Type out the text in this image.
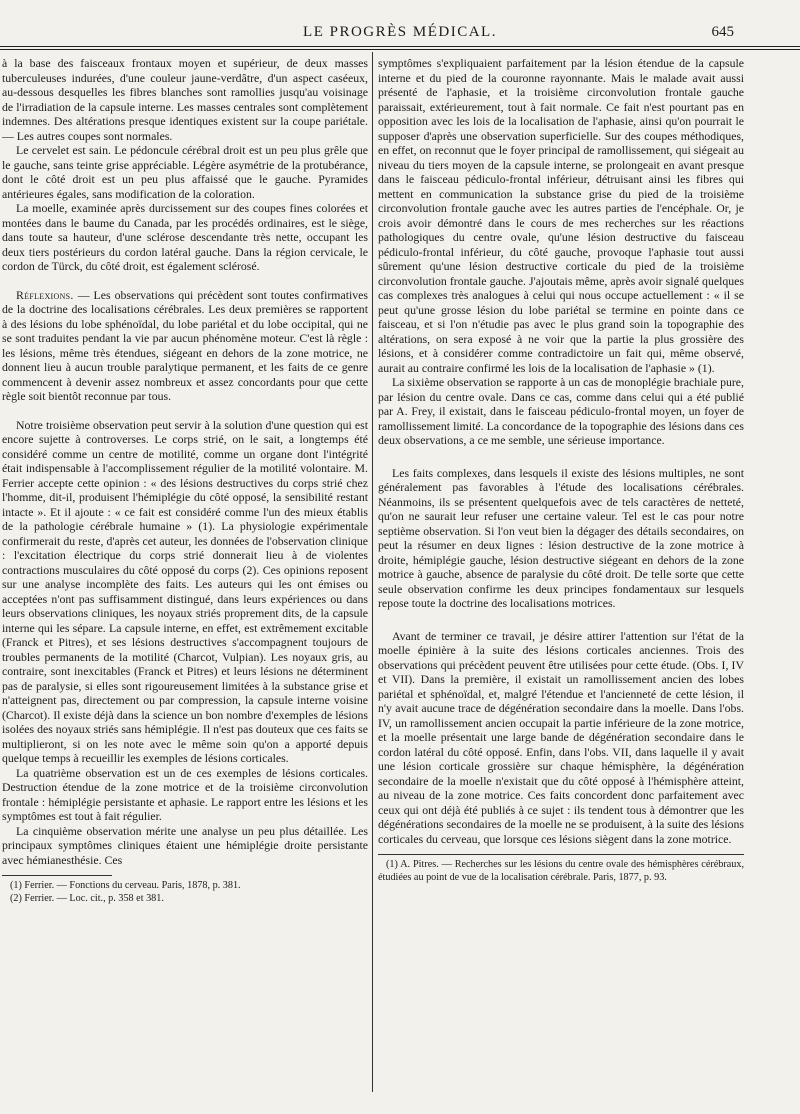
LE PROGRÈS MÉDICAL.	645

à la base des faisceaux frontaux moyen et supérieur, de deux masses tuberculeuses indurées, d'une couleur jaune-verdâtre, d'un aspect caséeux, au-dessous desquelles les fibres blanches sont ramollies jusqu'au voisinage de l'irradiation de la capsule interne. Les masses centrales sont complètement indemnes. Des altérations presque identiques existent sur la coupe pariétale. — Les autres coupes sont normales.

Le cervelet est sain. Le pédoncule cérébral droit est un peu plus grêle que le gauche, sans teinte grise appréciable. Légère asymétrie de la protubérance, dont le côté droit est un peu plus affaissé que le gauche. Pyramides antérieures égales, sans modification de la coloration.

La moelle, examinée après durcissement sur des coupes fines colorées et montées dans le baume du Canada, par les procédés ordinaires, est le siège, dans toute sa hauteur, d'une sclérose descendante très nette, occupant les deux tiers postérieurs du cordon latéral gauche. Dans la région cervicale, le cordon de Türck, du côté droit, est également sclérosé.

Réflexions. — Les observations qui précèdent sont toutes confirmatives de la doctrine des localisations cérébrales. Les deux premières se rapportent à des lésions du lobe sphénoïdal, du lobe pariétal et du lobe occipital, qui ne se sont traduites pendant la vie par aucun phénomène moteur. C'est là règle : les lésions, même très étendues, siégeant en dehors de la zone motrice, ne donnent lieu à aucun trouble paralytique permanent, et les faits de ce genre commencent à devenir assez nombreux et assez concordants pour que cette règle soit bientôt reconnue par tous.

Notre troisième observation peut servir à la solution d'une question qui est encore sujette à controverses. Le corps strié, on le sait, a longtemps été considéré comme un centre de motilité, comme un organe dont l'intégrité était indispensable à l'accomplissement régulier de la motilité volontaire. M. Ferrier accepte cette opinion : « des lésions destructives du corps strié chez l'homme, dit-il, produisent l'hémiplégie du côté opposé, la sensibilité restant intacte ». Et il ajoute : « ce fait est considéré comme l'un des mieux établis de la pathologie cérébrale humaine » (1). La physiologie expérimentale confirmerait du reste, d'après cet auteur, les données de l'observation clinique : l'excitation électrique du corps strié donnerait lieu à de violentes contractions musculaires du côté opposé du corps (2). Ces opinions reposent sur une analyse incomplète des faits. Les auteurs qui les ont émises ou acceptées n'ont pas suffisamment distingué, dans leurs expériences ou dans leurs observations cliniques, les noyaux striés proprement dits, de la capsule interne qui les sépare. La capsule interne, en effet, est extrêmement excitable (Franck et Pitres), et ses lésions destructives s'accompagnent toujours de troubles permanents de la motilité (Charcot, Vulpian). Les noyaux gris, au contraire, sont inexcitables (Franck et Pitres) et leurs lésions ne déterminent pas de paralysie, si elles sont rigoureusement limitées à la substance grise et n'atteignent pas, directement ou par compression, la capsule interne voisine (Charcot). Il existe déjà dans la science un bon nombre d'exemples de lésions isolées des noyaux striés sans hémiplégie. Il n'est pas douteux que ces faits se multiplieront, si on les note avec le même soin qu'on a apporté depuis quelque temps à recueillir les exemples de lésions corticales.

La quatrième observation est un de ces exemples de lésions corticales. Destruction étendue de la zone motrice et de la troisième circonvolution frontale : hémiplégie persistante et aphasie. Le rapport entre les lésions et les symptômes est tout à fait régulier.

La cinquième observation mérite une analyse un peu plus détaillée. Les principaux symptômes cliniques étaient une hémiplégie droite persistante avec hémianesthésie. Ces

(1) Ferrier. — Fonctions du cerveau. Paris, 1878, p. 381.

(2) Ferrier. — Loc. cit., p. 358 et 381.

symptômes s'expliquaient parfaitement par la lésion étendue de la capsule interne et du pied de la couronne rayonnante. Mais le malade avait aussi présenté de l'aphasie, et la troisième circonvolution frontale gauche paraissait, extérieurement, tout à fait normale. Ce fait n'est pourtant pas en opposition avec les lois de la localisation de l'aphasie, ainsi qu'on pourrait le supposer d'après une observation superficielle. Sur des coupes méthodiques, en effet, on reconnut que le foyer principal de ramollissement, qui siégeait au niveau du tiers moyen de la capsule interne, se prolongeait en avant presque dans le faisceau pédiculo-frontal inférieur, détruisant ainsi les fibres qui mettent en communication la substance grise du pied de la troisième circonvolution frontale gauche avec les autres parties de l'encéphale. Or, je crois avoir démontré dans le cours de mes recherches sur les réactions pathologiques du centre ovale, qu'une lésion destructive du faisceau pédiculo-frontal inférieur, du côté gauche, provoque l'aphasie tout aussi sûrement qu'une lésion destructive corticale du pied de la troisième circonvolution frontale gauche. J'ajoutais même, après avoir signalé quelques cas complexes très analogues à celui qui nous occupe actuellement : « il se peut qu'une grosse lésion du lobe pariétal se termine en pointe dans ce faisceau, et si l'on n'étudie pas avec le plus grand soin la topographie des altérations, on sera exposé à ne voir que la partie la plus grossière des lésions, et à considérer comme contradictoire un fait qui, même observé, aurait au contraire confirmé les lois de la localisation de l'aphasie » (1).

La sixième observation se rapporte à un cas de monoplégie brachiale pure, par lésion du centre ovale. Dans ce cas, comme dans celui qui a été publié par A. Frey, il existait, dans le faisceau pédiculo-frontal moyen, un foyer de ramollissement limité. La concordance de la topographie des lésions dans ces deux observations, a ce me semble, une sérieuse importance.

Les faits complexes, dans lesquels il existe des lésions multiples, ne sont généralement pas favorables à l'étude des localisations cérébrales. Néanmoins, ils se présentent quelquefois avec de tels caractères de netteté, qu'on ne saurait leur refuser une certaine valeur. Tel est le cas pour notre septième observation. Si l'on veut bien la dégager des détails secondaires, on peut la résumer en deux lignes : lésion destructive de la zone motrice à droite, hémiplégie gauche, lésion destructive siégeant en dehors de la zone motrice à gauche, absence de paralysie du côté droit. De telle sorte que cette seule observation confirme les deux principes fondamentaux sur lesquels repose toute la doctrine des localisations motrices.

Avant de terminer ce travail, je désire attirer l'attention sur l'état de la moelle épinière à la suite des lésions corticales anciennes. Trois des observations qui précèdent peuvent être utilisées pour cette étude. (Obs. I, IV et VII). Dans la première, il existait un ramollissement ancien des lobes pariétal et sphénoïdal, et, malgré l'étendue et l'ancienneté de cette lésion, il n'y avait aucune trace de dégénération secondaire dans la moelle. Dans l'obs. IV, un ramollissement ancien occupait la partie inférieure de la zone motrice, et la moelle présentait une large bande de dégénération secondaire dans le cordon latéral du côté opposé. Enfin, dans l'obs. VII, dans laquelle il y avait une lésion corticale grossière sur chaque hémisphère, la dégénération secondaire de la moelle n'existait que du côté opposé à l'hémisphère atteint, au niveau de la zone motrice. Ces faits concordent donc parfaitement avec ceux qui ont déjà été publiés à ce sujet : ils tendent tous à démontrer que les dégénérations secondaires de la moelle ne se produisent, à la suite des lésions corticales du cerveau, que lorsque ces lésions siègent dans la zone motrice.

(1) A. Pitres. — Recherches sur les lésions du centre ovale des hémisphères cérébraux, étudiées au point de vue de la localisation cérébrale. Paris, 1877, p. 93.
